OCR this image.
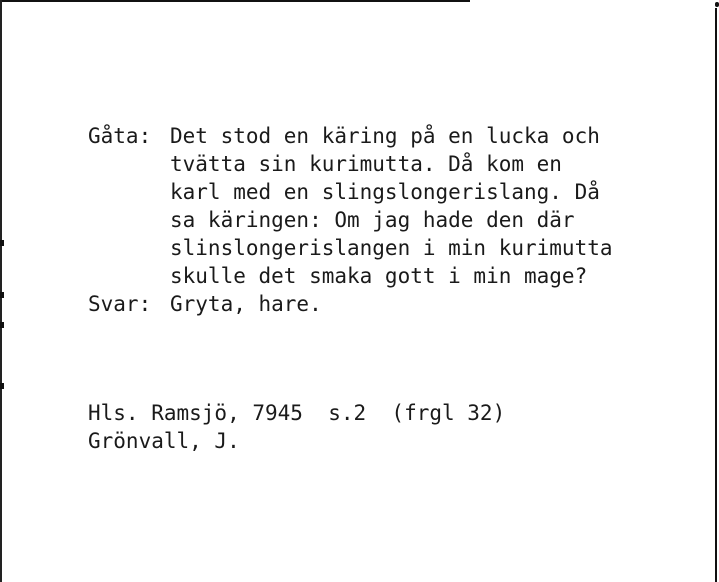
Gåta: Det stod en käring på en lucka och
tvätta sin kurimutta. Då kom en
karl med en slingslongerislang. Då
sa käringen: Om jag hade den där
slinslongerislangen i min kurimutta
skulle det smaka gott i min mage?
Svar: Gryta, hare.
Hls. Ramsjö, 7945  s.2  (frgl 32)
Grönvall, J.
